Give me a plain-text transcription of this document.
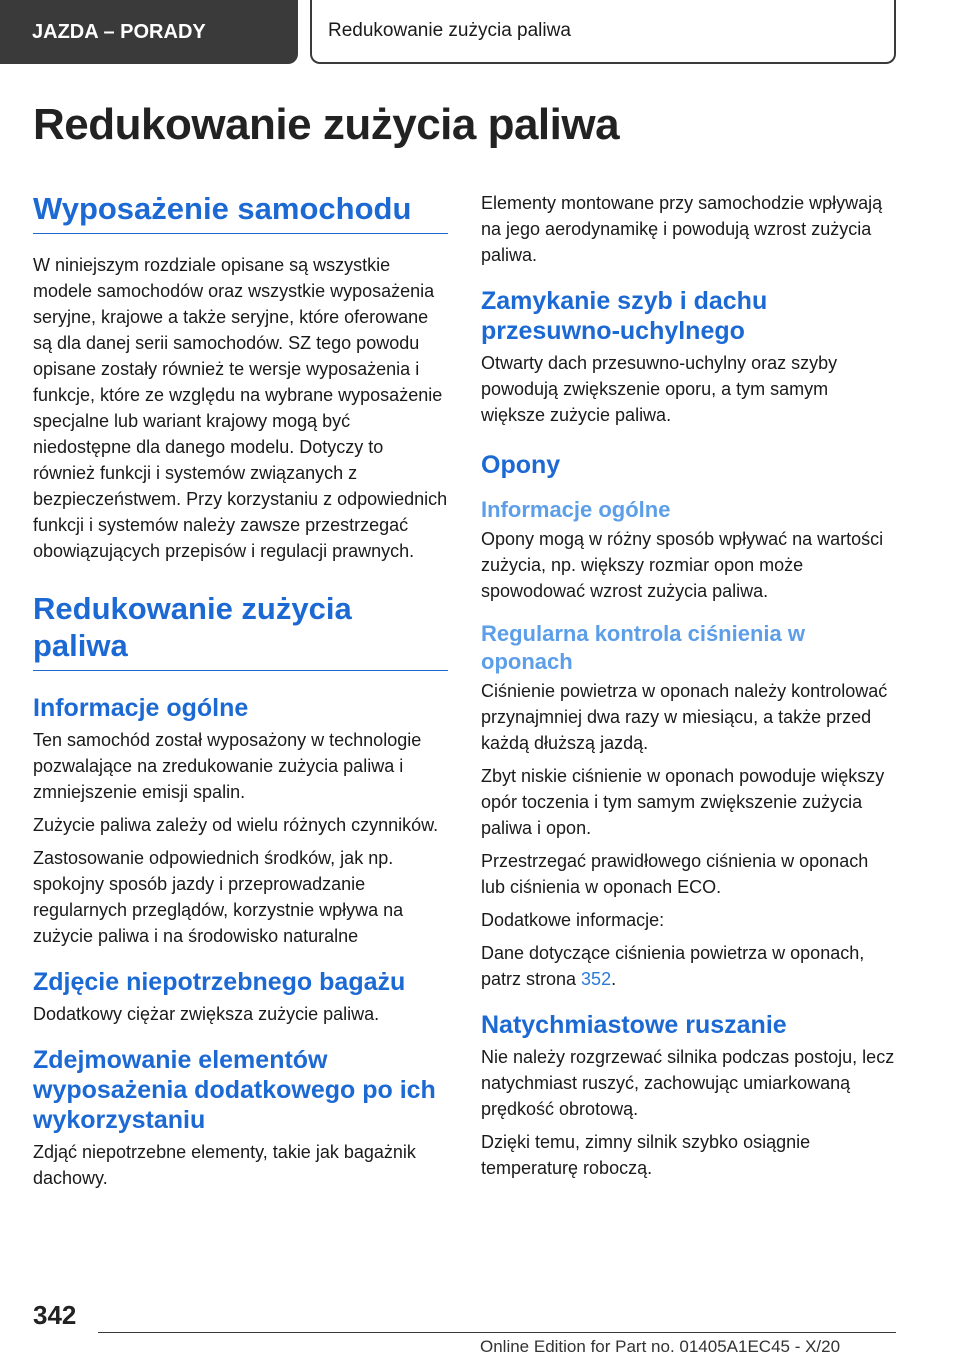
JAZDA – PORADY	Redukowanie zużycia paliwa
Redukowanie zużycia paliwa
Wyposażenie samochodu

W niniejszym rozdziale opisane są wszystkie modele samochodów oraz wszystkie wyposażenia seryjne, krajowe a także seryjne, które oferowane są dla danej serii samochodów. SZ tego powodu opisane zostały również te wersje wyposażenia i funkcje, które ze względu na wybrane wyposażenie specjalne lub wariant krajowy mogą być niedostępne dla danego modelu. Dotyczy to również funkcji i systemów związanych z bezpieczeństwem. Przy korzystaniu z odpowiednich funkcji i systemów należy zawsze przestrzegać obowiązujących przepisów i regulacji prawnych.

Redukowanie zużycia paliwa
Informacje ogólne

Ten samochód został wyposażony w technologie pozwalające na zredukowanie zużycia paliwa i zmniejszenie emisji spalin.

Zużycie paliwa zależy od wielu różnych czynników.

Zastosowanie odpowiednich środków, jak np. spokojny sposób jazdy i przeprowadzanie regularnych przeglądów, korzystnie wpływa na zużycie paliwa i na środowisko naturalne

Zdjęcie niepotrzebnego bagażu

Dodatkowy ciężar zwiększa zużycie paliwa.

Zdejmowanie elementów wyposażenia dodatkowego po ich wykorzystaniu

Zdjąć niepotrzebne elementy, takie jak bagażnik dachowy.

Elementy montowane przy samochodzie wpływają na jego aerodynamikę i powodują wzrost zużycia paliwa.

Zamykanie szyb i dachu przesuwno-uchylnego

Otwarty dach przesuwno-uchylny oraz szyby powodują zwiększenie oporu, a tym samym większe zużycie paliwa.

Opony
Informacje ogólne

Opony mogą w różny sposób wpływać na wartości zużycia, np. większy rozmiar opon może spowodować wzrost zużycia paliwa.

Regularna kontrola ciśnienia w oponach

Ciśnienie powietrza w oponach należy kontrolować przynajmniej dwa razy w miesiącu, a także przed każdą dłuższą jazdą.

Zbyt niskie ciśnienie w oponach powoduje większy opór toczenia i tym samym zwiększenie zużycia paliwa i opon.

Przestrzegać prawidłowego ciśnienia w oponach lub ciśnienia w oponach ECO.

Dodatkowe informacje:

Dane dotyczące ciśnienia powietrza w oponach, patrz strona 352.

Natychmiastowe ruszanie

Nie należy rozgrzewać silnika podczas postoju, lecz natychmiast ruszyć, zachowując umiarkowaną prędkość obrotową.

Dzięki temu, zimny silnik szybko osiągnie temperaturę roboczą.

342
Online Edition for Part no. 01405A1EC45 - X/20
